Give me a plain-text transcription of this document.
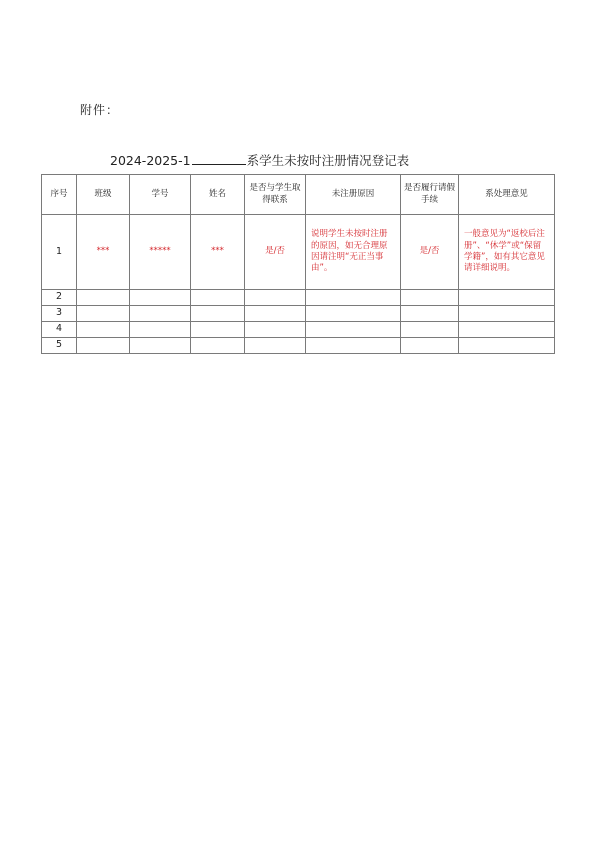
附件：
2024-2025-1	系学生未按时注册情况登记表
序号	班级	学号	姓名	是否与学生取得联系	未注册原因	是否履行请假手续	系处理意见
1	***	*****	***	是/否	说明学生未按时注册的原因，如无合理原因请注明“无正当事由”。	是/否	一般意见为“返校后注册”、“休学”或“保留学籍”，如有其它意见请详细说明。
2							
3							
4							
5							
